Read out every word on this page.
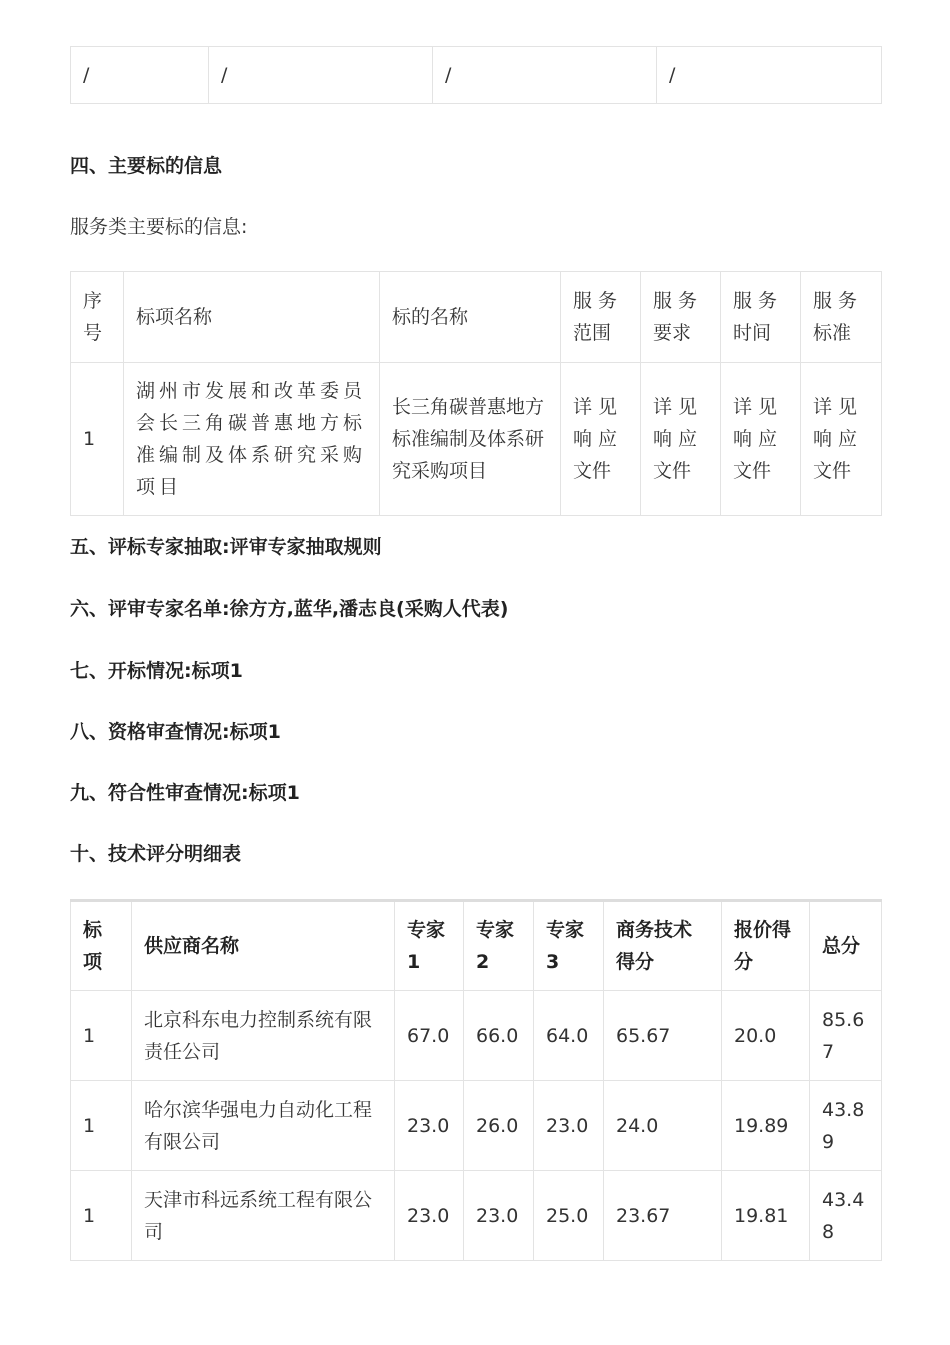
/	/	/	/
四、主要标的信息
服务类主要标的信息:
序号	标项名称	标的名称	服 务 范围	服 务 要求	服 务 时间	服 务 标准
1	湖州市发展和改革委员会长三角碳普惠地方标准编制及体系研究采购项目	长三角碳普惠地方标准编制及体系研究采购项目	详 见 响 应 文件	详 见 响 应 文件	详 见 响 应 文件	详 见 响 应 文件
五、评标专家抽取:评审专家抽取规则
六、评审专家名单:徐方方,蓝华,潘志良(采购人代表)
七、开标情况:标项1
八、资格审查情况:标项1
九、符合性审查情况:标项1
十、技术评分明细表
标项	供应商名称	专家1	专家2	专家3	商务技术得分	报价得分	总分
1	北京科东电力控制系统有限责任公司	67.0	66.0	64.0	65.67	20.0	85.67
1	哈尔滨华强电力自动化工程有限公司	23.0	26.0	23.0	24.0	19.89	43.89
1	天津市科远系统工程有限公司	23.0	23.0	25.0	23.67	19.81	43.48
